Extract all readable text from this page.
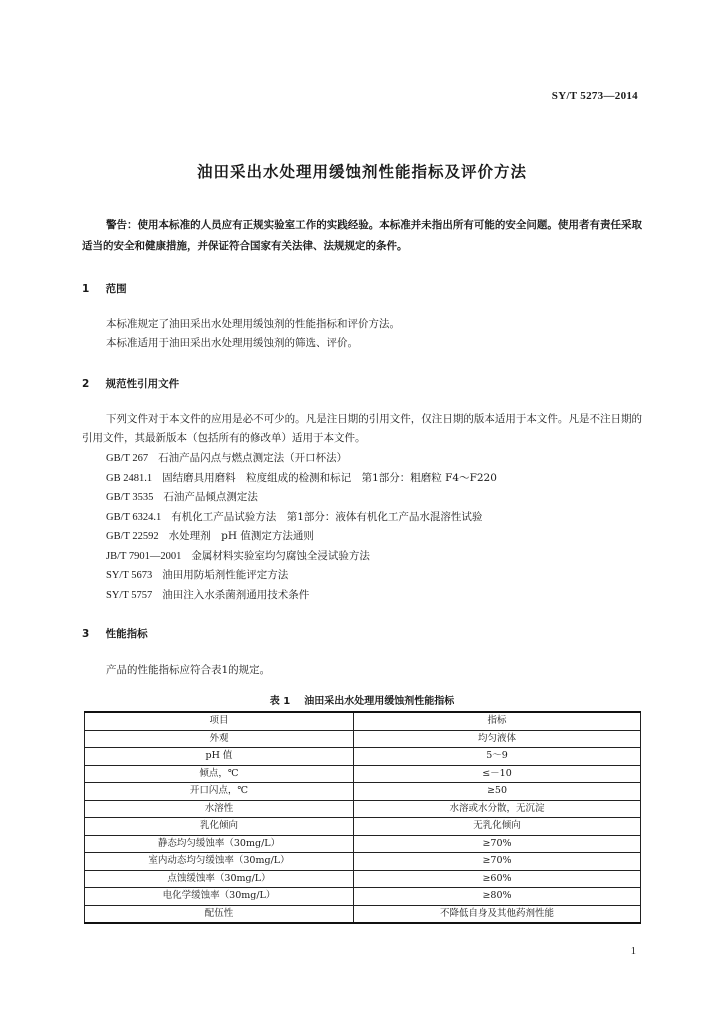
SY/T 5273—2014
油田采出水处理用缓蚀剂性能指标及评价方法
警告：使用本标准的人员应有正规实验室工作的实践经验。本标准并未指出所有可能的安全问题。使用者有责任采取适当的安全和健康措施，并保证符合国家有关法律、法规规定的条件。
1 范围

本标准规定了油田采出水处理用缓蚀剂的性能指标和评价方法。

本标准适用于油田采出水处理用缓蚀剂的筛选、评价。

2 规范性引用文件

下列文件对于本文件的应用是必不可少的。凡是注日期的引用文件，仅注日期的版本适用于本文件。凡是不注日期的引用文件，其最新版本（包括所有的修改单）适用于本文件。

GB/T 267 石油产品闪点与燃点测定法（开口杯法）
GB 2481.1 固结磨具用磨料　粒度组成的检测和标记　第1部分：粗磨粒 F4～F220
GB/T 3535 石油产品倾点测定法
GB/T 6324.1 有机化工产品试验方法　第1部分：液体有机化工产品水混溶性试验
GB/T 22592 水处理剂　pH 值测定方法通则
JB/T 7901—2001 金属材料实验室均匀腐蚀全浸试验方法
SY/T 5673 油田用防垢剂性能评定方法
SY/T 5757 油田注入水杀菌剂通用技术条件
3 性能指标

产品的性能指标应符合表1的规定。

表 1 油田采出水处理用缓蚀剂性能指标
项目	指标
外观	均匀液体
pH 值	5～9
倾点，℃	≤－10
开口闪点，℃	≥50
水溶性	水溶或水分散，无沉淀
乳化倾向	无乳化倾向
静态均匀缓蚀率（30mg/L）	≥70%
室内动态均匀缓蚀率（30mg/L）	≥70%
点蚀缓蚀率（30mg/L）	≥60%
电化学缓蚀率（30mg/L）	≥80%
配伍性	不降低自身及其他药剂性能
1
